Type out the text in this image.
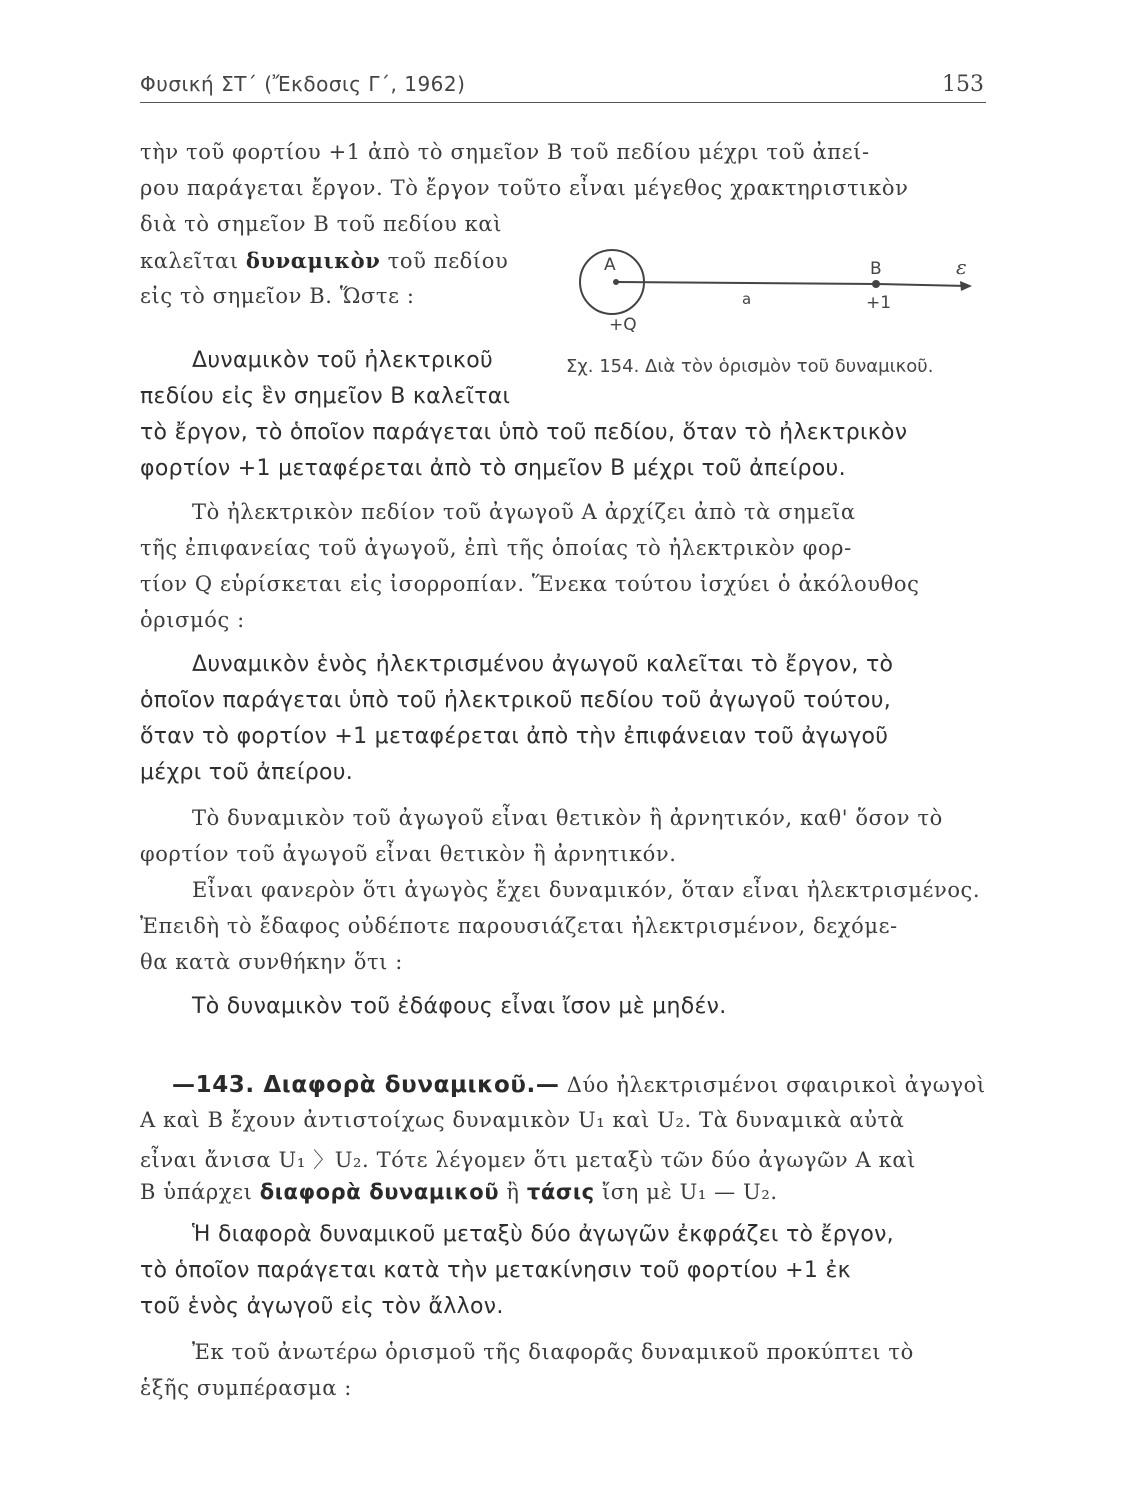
Φυσική ΣΤ΄ (Ἔκδοσις Γ΄, 1962)	153
τὴν τοῦ φορτίου +1 ἀπὸ τὸ σημεῖον Β τοῦ πεδίου μέχρι τοῦ ἀπεί-
ρου παράγεται ἔργον. Τὸ ἔργον τοῦτο εἶναι μέγεθος χρακτηριστικὸν
διὰ τὸ σημεῖον Β τοῦ πεδίου καὶ
καλεῖται δυναμικὸν τοῦ πεδίου
εἰς τὸ σημεῖον Β. Ὥστε :
A
+Q
a
B
+1
ε
Σχ. 154. Διὰ τὸν ὁρισμὸν τοῦ δυναμικοῦ.
Δυναμικὸν τοῦ ἠλεκτρικοῦ
πεδίου εἰς ἓν σημεῖον Β καλεῖται
τὸ ἔργον, τὸ ὁποῖον παράγεται ὑπὸ τοῦ πεδίου, ὅταν τὸ ἠλεκτρικὸν
φορτίον +1 μεταφέρεται ἀπὸ τὸ σημεῖον Β μέχρι τοῦ ἀπείρου.
Τὸ ἠλεκτρικὸν πεδίον τοῦ ἀγωγοῦ Α ἀρχίζει ἀπὸ τὰ σημεῖα
τῆς ἐπιφανείας τοῦ ἀγωγοῦ, ἐπὶ τῆς ὁποίας τὸ ἠλεκτρικὸν φορ-
τίον Q εὑρίσκεται εἰς ἰσορροπίαν. Ἕνεκα τούτου ἰσχύει ὁ ἀκόλουθος
ὁρισμός :
Δυναμικὸν ἑνὸς ἠλεκτρισμένου ἀγωγοῦ καλεῖται τὸ ἔργον, τὸ
ὁποῖον παράγεται ὑπὸ τοῦ ἠλεκτρικοῦ πεδίου τοῦ ἀγωγοῦ τούτου,
ὅταν τὸ φορτίον +1 μεταφέρεται ἀπὸ τὴν ἐπιφάνειαν τοῦ ἀγωγοῦ
μέχρι τοῦ ἀπείρου.
Τὸ δυναμικὸν τοῦ ἀγωγοῦ εἶναι θετικὸν ἢ ἀρνητικόν, καθ' ὅσον τὸ
φορτίον τοῦ ἀγωγοῦ εἶναι θετικὸν ἢ ἀρνητικόν.
Εἶναι φανερὸν ὅτι ἀγωγὸς ἔχει δυναμικόν, ὅταν εἶναι ἠλεκτρισμένος.
Ἐπειδὴ τὸ ἔδαφος οὐδέποτε παρουσιάζεται ἠλεκτρισμένον, δεχόμε-
θα κατὰ συνθήκην ὅτι :
Τὸ δυναμικὸν τοῦ ἐδάφους εἶναι ἴσον μὲ μηδέν.
—143. Διαφορὰ δυναμικοῦ.— Δύο ἠλεκτρισμένοι σφαιρικοὶ ἀγωγοὶ
Α καὶ Β ἔχουν ἀντιστοίχως δυναμικὸν U₁ καὶ U₂. Τὰ δυναμικὰ αὐτὰ
εἶναι ἄνισα U₁ 〉U₂. Τότε λέγομεν ὅτι μεταξὺ τῶν δύο ἀγωγῶν Α καὶ
Β ὑπάρχει διαφορὰ δυναμικοῦ ἢ τάσις ἴση μὲ U₁ — U₂.
Ἡ διαφορὰ δυναμικοῦ μεταξὺ δύο ἀγωγῶν ἐκφράζει τὸ ἔργον,
τὸ ὁποῖον παράγεται κατὰ τὴν μετακίνησιν τοῦ φορτίου +1 ἐκ
τοῦ ἑνὸς ἀγωγοῦ εἰς τὸν ἄλλον.
Ἐκ τοῦ ἀνωτέρω ὁρισμοῦ τῆς διαφορᾶς δυναμικοῦ προκύπτει τὸ
ἑξῆς συμπέρασμα :
